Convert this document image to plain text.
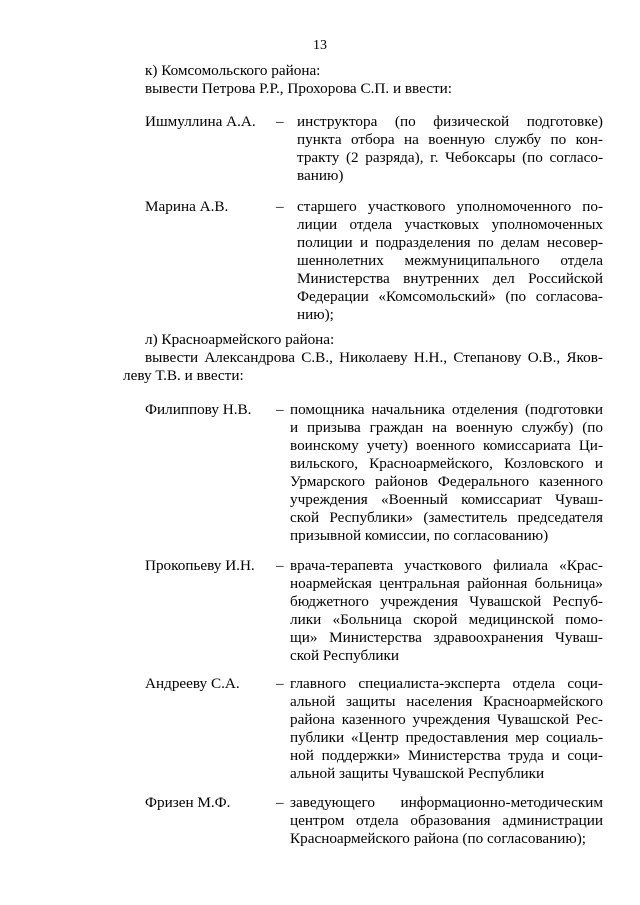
13
к) Комсомольского района:
вывести Петрова Р.Р., Прохорова С.П. и ввести:
Ишмуллина А.А. – инструктора (по физической подготовке)
пункта отбора на военную службу по кон-
тракту (2 разряда), г. Чебоксары (по согласо-
ванию)
Марина А.В.	– старшего участкового уполномоченного по-
лиции отдела участковых уполномоченных
полиции и подразделения по делам несовер-
шеннолетних межмуниципального отдела
Министерства внутренних дел Российской
Федерации «Комсомольский» (по согласова-
нию);
л) Красноармейского района:
вывести Александрова С.В., Николаеву Н.Н., Степанову О.В., Яков-
леву Т.В. и ввести:
Филиппову Н.В. – помощника начальника отделения (подготовки
и призыва граждан на военную службу) (по
воинскому учету) военного комиссариата Ци-
вильского, Красноармейского, Козловского и
Урмарского районов Федерального казенного
учреждения «Военный комиссариат Чуваш-
ской Республики» (заместитель председателя
призывной комиссии, по согласованию)
Прокопьеву И.Н. – врача-терапевта участкового филиала «Крас-
ноармейская центральная районная больница»
бюджетного учреждения Чувашской Респуб-
лики «Больница скорой медицинской помо-
щи» Министерства здравоохранения Чуваш-
ской Республики
Андрееву С.А. – главного специалиста-эксперта отдела соци-
альной защиты населения Красноармейского
района казенного учреждения Чувашской Рес-
публики «Центр предоставления мер социаль-
ной поддержки» Министерства труда и соци-
альной защиты Чувашской Республики
Фризен М.Ф.	– заведующего информационно-методическим
центром отдела образования администрации
Красноармейского района (по согласованию);
